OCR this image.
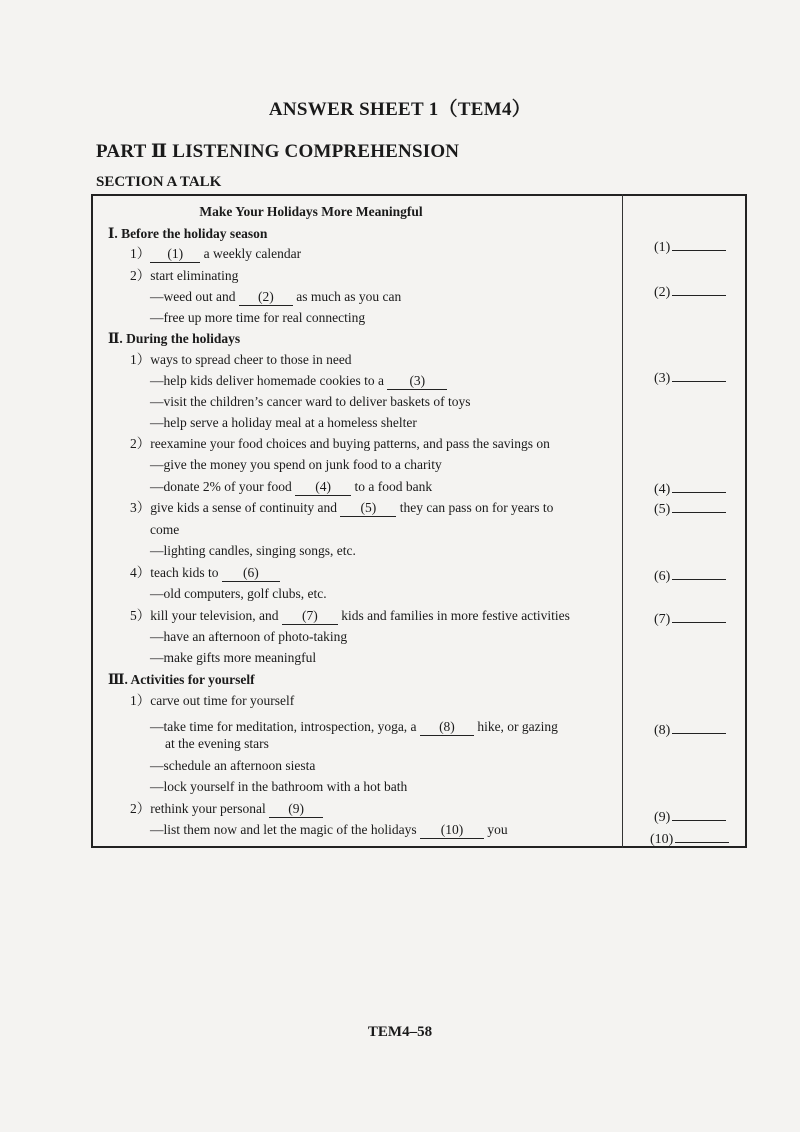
ANSWER SHEET 1（TEM4）
PART Ⅱ LISTENING COMPREHENSION
SECTION A TALK
Make Your Holidays More Meaningful
Ⅰ. Before the holiday season
1） (1) a weekly calendar
2）start eliminating
—weed out and (2) as much as you can
—free up more time for real connecting
Ⅱ. During the holidays
1）ways to spread cheer to those in need
—help kids deliver homemade cookies to a (3)
—visit the children’s cancer ward to deliver baskets of toys
—help serve a holiday meal at a homeless shelter
2）reexamine your food choices and buying patterns, and pass the savings on
—give the money you spend on junk food to a charity
—donate 2% of your food (4) to a food bank
3）give kids a sense of continuity and (5) they can pass on for years to
come
—lighting candles, singing songs, etc.
4）teach kids to (6)
—old computers, golf clubs, etc.
5）kill your television, and (7) kids and families in more festive activities
—have an afternoon of photo-taking
—make gifts more meaningful
Ⅲ. Activities for yourself
1）carve out time for yourself
—take time for meditation, introspection, yoga, a (8) hike, or gazing
at the evening stars
—schedule an afternoon siesta
—lock yourself in the bathroom with a hot bath
2）rethink your personal (9)
—list them now and let the magic of the holidays (10) you
(1)
(2)
(3)
(4)
(5)
(6)
(7)
(8)
(9)
(10)
TEM4–58
